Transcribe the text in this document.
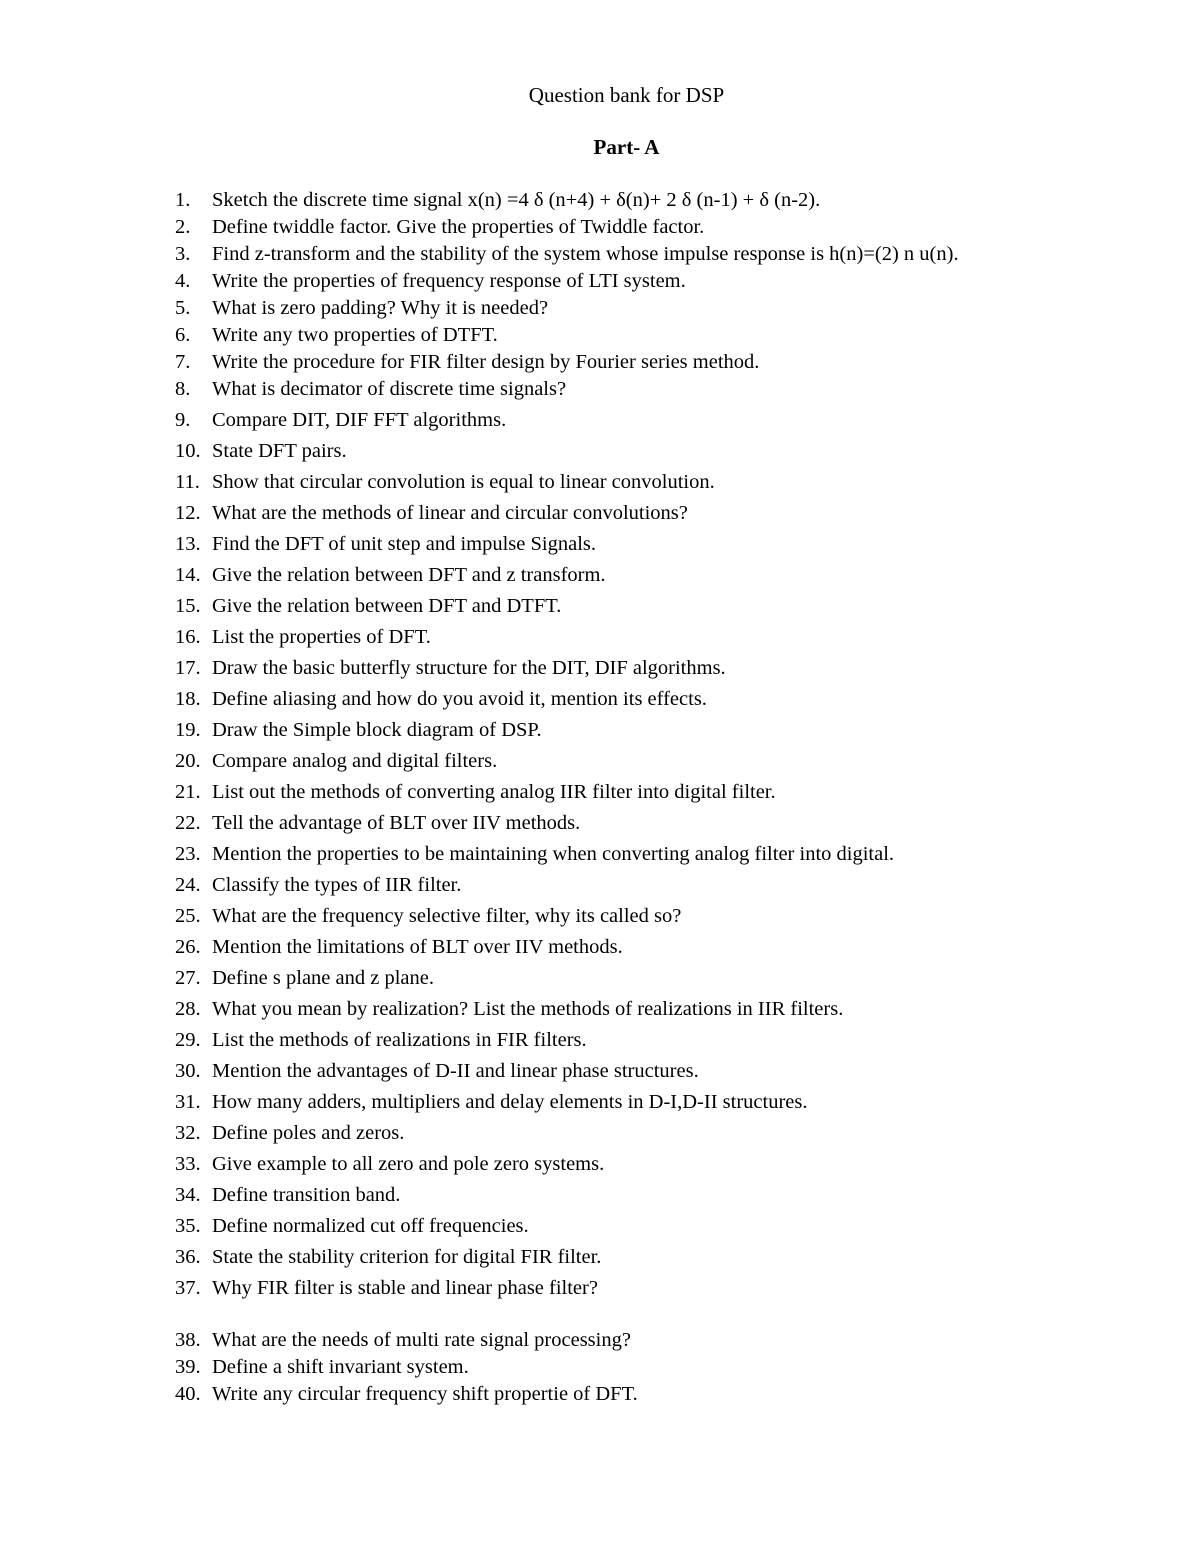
Question bank for DSP
Part- A
1. Sketch the discrete time signal x(n) =4 δ (n+4) + δ(n)+ 2 δ (n-1) + δ (n-2).
2. Define twiddle factor. Give the properties of Twiddle factor.
3. Find z-transform and the stability of the system whose impulse response is h(n)=(2) n u(n).
4. Write the properties of frequency response of LTI system.
5. What is zero padding? Why it is needed?
6. Write any two properties of DTFT.
7. Write the procedure for FIR filter design by Fourier series method.
8. What is decimator of discrete time signals?
9. Compare DIT, DIF FFT algorithms.
10. State DFT pairs.
11. Show that circular convolution is equal to linear convolution.
12. What are the methods of linear and circular convolutions?
13. Find the DFT of unit step and impulse Signals.
14. Give the relation between DFT and z transform.
15. Give the relation between DFT and DTFT.
16. List the properties of DFT.
17. Draw the basic butterfly structure for the DIT, DIF algorithms.
18. Define aliasing and how do you avoid it, mention its effects.
19. Draw the Simple block diagram of DSP.
20. Compare analog and digital filters.
21. List out the methods of converting analog IIR filter into digital filter.
22. Tell the advantage of BLT over IIV methods.
23. Mention the properties to be maintaining when converting analog filter into digital.
24. Classify the types of IIR filter.
25. What are the frequency selective filter, why its called so?
26. Mention the limitations of BLT over IIV methods.
27. Define s plane and z plane.
28. What you mean by realization? List the methods of realizations in IIR filters.
29. List the methods of realizations in FIR filters.
30. Mention the advantages of D-II and linear phase structures.
31. How many adders, multipliers and delay elements in D-I,D-II structures.
32. Define poles and zeros.
33. Give example to all zero and pole zero systems.
34. Define transition band.
35. Define normalized cut off frequencies.
36. State the stability criterion for digital FIR filter.
37. Why FIR filter is stable and linear phase filter?
38. What are the needs of multi rate signal processing?
39. Define a shift invariant system.
40. Write any circular frequency shift propertie of DFT.
